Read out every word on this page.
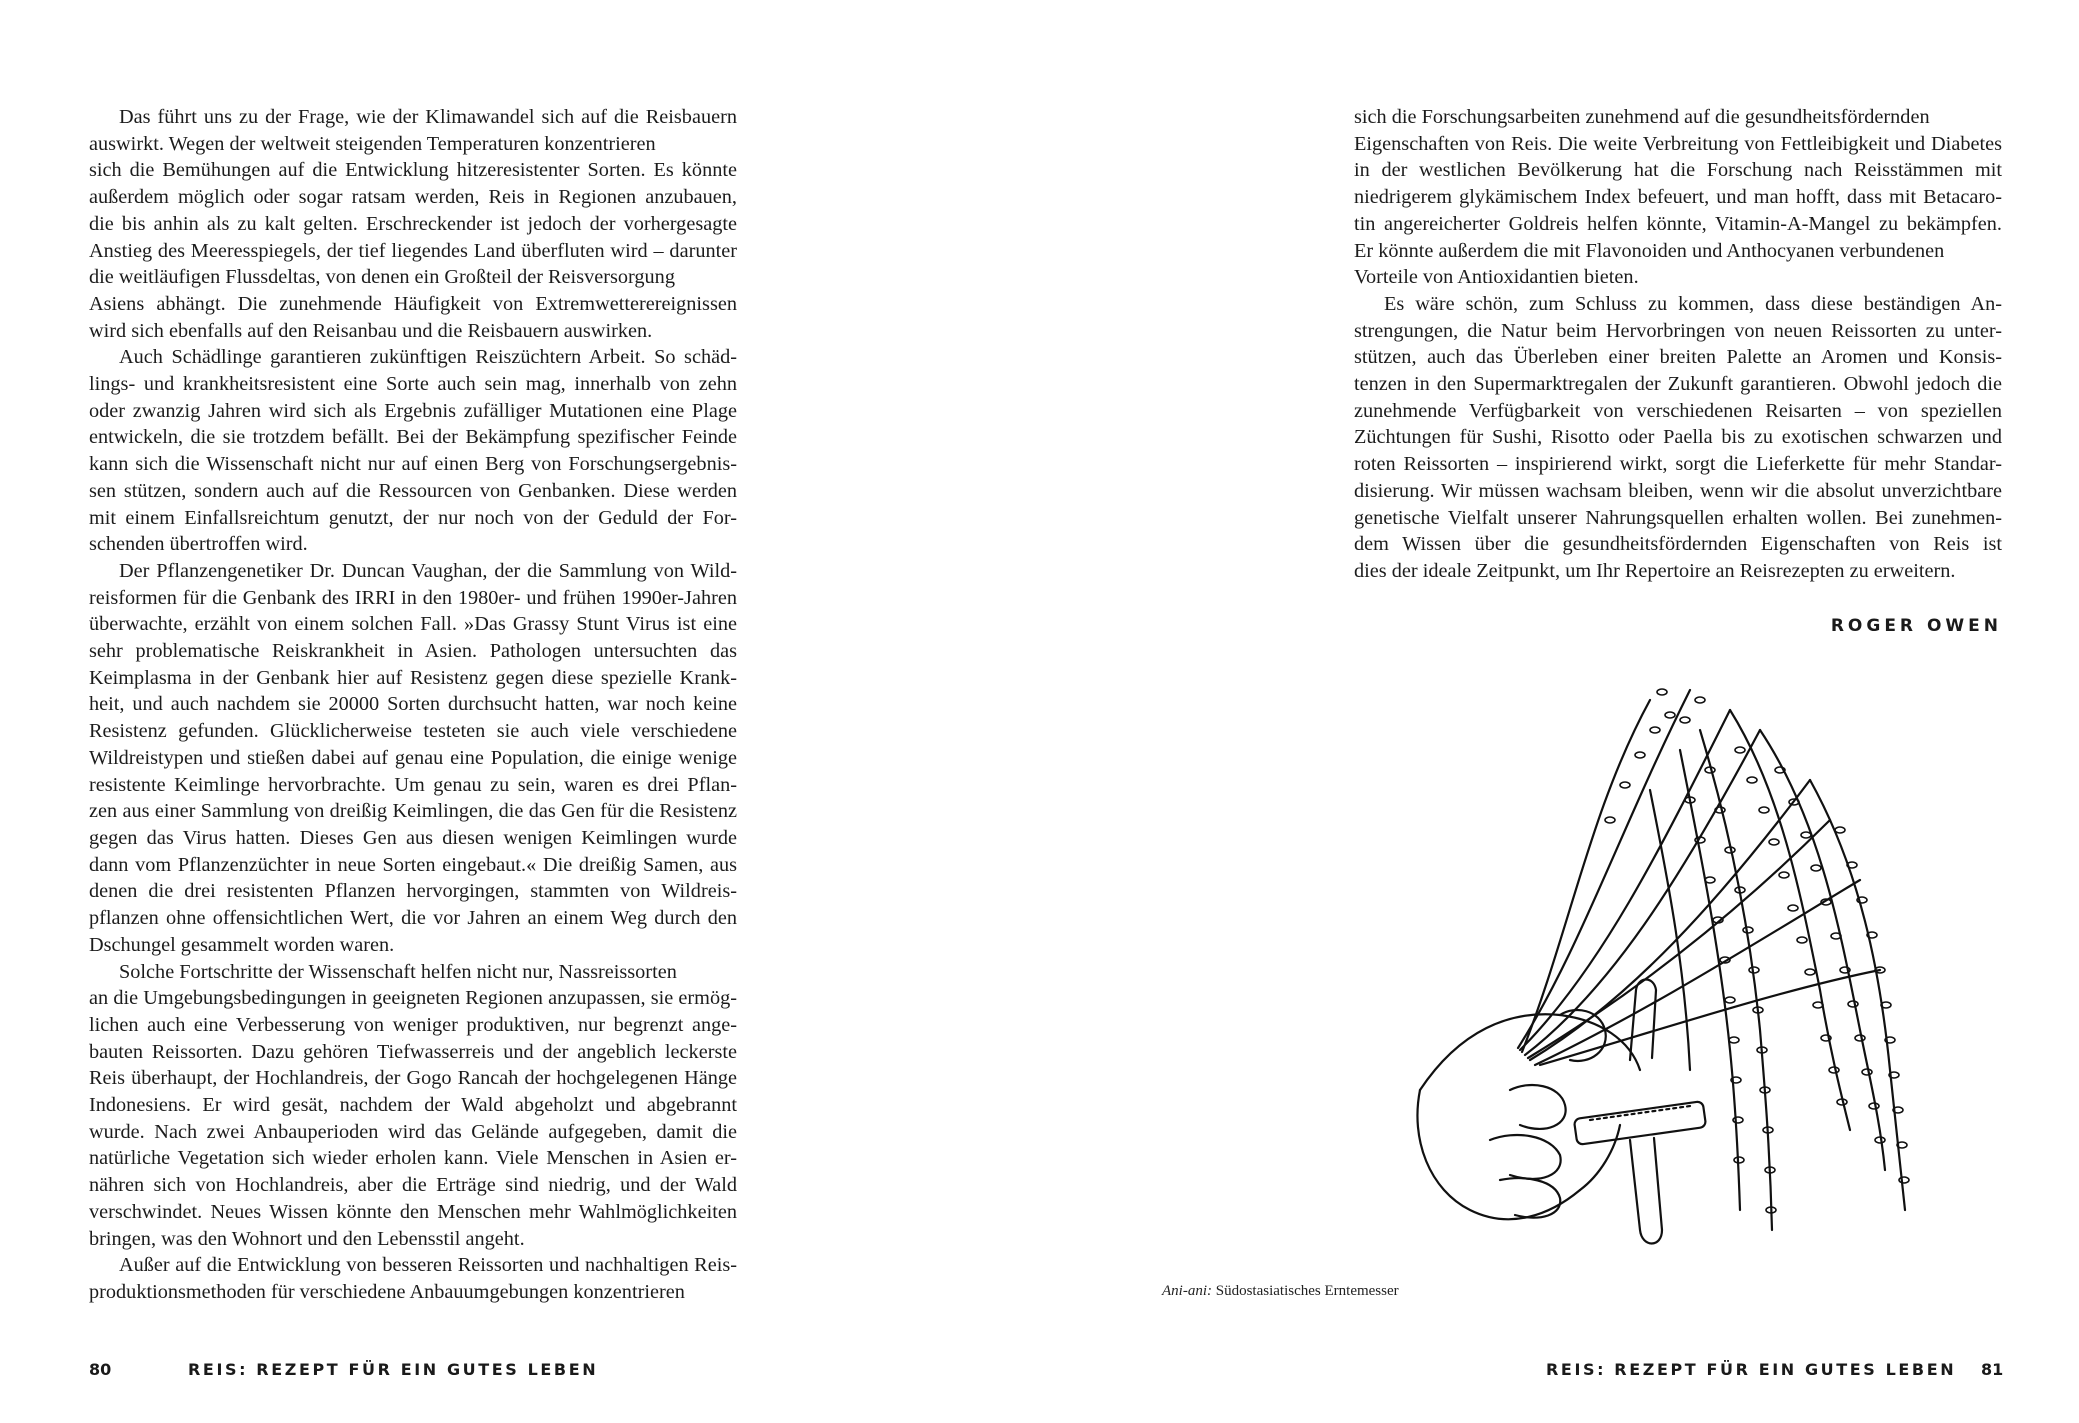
Das führt uns zu der Frage, wie der Klimawandel sich auf die Reisbauern
auswirkt. Wegen der weltweit steigenden Temperaturen konzentrieren
sich die Bemühungen auf die Entwicklung hitzeresistenter Sorten. Es könnte
außerdem möglich oder sogar ratsam werden, Reis in Regionen anzubauen,
die bis anhin als zu kalt gelten. Erschreckender ist jedoch der vorhergesagte
Anstieg des Meeresspiegels, der tief liegendes Land überfluten wird – darunter
die weitläufigen Flussdeltas, von denen ein Großteil der Reisversorgung
Asiens abhängt. Die zunehmende Häufigkeit von Extremwetterereignissen
wird sich ebenfalls auf den Reisanbau und die Reisbauern auswirken.
Auch Schädlinge garantieren zukünftigen Reiszüchtern Arbeit. So schäd-
lings- und krankheitsresistent eine Sorte auch sein mag, innerhalb von zehn
oder zwanzig Jahren wird sich als Ergebnis zufälliger Mutationen eine Plage
entwickeln, die sie trotzdem befällt. Bei der Bekämpfung spezifischer Feinde
kann sich die Wissenschaft nicht nur auf einen Berg von Forschungsergebnis-
sen stützen, sondern auch auf die Ressourcen von Genbanken. Diese werden
mit einem Einfallsreichtum genutzt, der nur noch von der Geduld der For-
schenden übertroffen wird.
Der Pflanzengenetiker Dr. Duncan Vaughan, der die Sammlung von Wild-
reisformen für die Genbank des IRRI in den 1980er- und frühen 1990er-Jahren
überwachte, erzählt von einem solchen Fall. »Das Grassy Stunt Virus ist eine
sehr problematische Reiskrankheit in Asien. Pathologen untersuchten das
Keimplasma in der Genbank hier auf Resistenz gegen diese spezielle Krank-
heit, und auch nachdem sie 20000 Sorten durchsucht hatten, war noch keine
Resistenz gefunden. Glücklicherweise testeten sie auch viele verschiedene
Wildreistypen und stießen dabei auf genau eine Population, die einige wenige
resistente Keimlinge hervorbrachte. Um genau zu sein, waren es drei Pflan-
zen aus einer Sammlung von dreißig Keimlingen, die das Gen für die Resistenz
gegen das Virus hatten. Dieses Gen aus diesen wenigen Keimlingen wurde
dann vom Pflanzenzüchter in neue Sorten eingebaut.« Die dreißig Samen, aus
denen die drei resistenten Pflanzen hervorgingen, stammten von Wildreis-
pflanzen ohne offensichtlichen Wert, die vor Jahren an einem Weg durch den
Dschungel gesammelt worden waren.
Solche Fortschritte der Wissenschaft helfen nicht nur, Nassreissorten
an die Umgebungsbedingungen in geeigneten Regionen anzupassen, sie ermög-
lichen auch eine Verbesserung von weniger produktiven, nur begrenzt ange-
bauten Reissorten. Dazu gehören Tiefwasserreis und der angeblich leckerste
Reis überhaupt, der Hochlandreis, der Gogo Rancah der hochgelegenen Hänge
Indonesiens. Er wird gesät, nachdem der Wald abgeholzt und abgebrannt
wurde. Nach zwei Anbauperioden wird das Gelände aufgegeben, damit die
natürliche Vegetation sich wieder erholen kann. Viele Menschen in Asien er-
nähren sich von Hochlandreis, aber die Erträge sind niedrig, und der Wald
verschwindet. Neues Wissen könnte den Menschen mehr Wahlmöglichkeiten
bringen, was den Wohnort und den Lebensstil angeht.
Außer auf die Entwicklung von besseren Reissorten und nachhaltigen Reis-
produktionsmethoden für verschiedene Anbauumgebungen konzentrieren
sich die Forschungsarbeiten zunehmend auf die gesundheitsfördernden
Eigenschaften von Reis. Die weite Verbreitung von Fettleibigkeit und Diabetes
in der westlichen Bevölkerung hat die Forschung nach Reisstämmen mit
niedrigerem glykämischem Index befeuert, und man hofft, dass mit Betacaro-
tin angereicherter Goldreis helfen könnte, Vitamin-A-Mangel zu bekämpfen.
Er könnte außerdem die mit Flavonoiden und Anthocyanen verbundenen
Vorteile von Antioxidantien bieten.
Es wäre schön, zum Schluss zu kommen, dass diese beständigen An-
strengungen, die Natur beim Hervorbringen von neuen Reissorten zu unter-
stützen, auch das Überleben einer breiten Palette an Aromen und Konsis-
tenzen in den Supermarktregalen der Zukunft garantieren. Obwohl jedoch die
zunehmende Verfügbarkeit von verschiedenen Reisarten – von speziellen
Züchtungen für Sushi, Risotto oder Paella bis zu exotischen schwarzen und
roten Reissorten – inspirierend wirkt, sorgt die Lieferkette für mehr Standar-
disierung. Wir müssen wachsam bleiben, wenn wir die absolut unverzichtbare
genetische Vielfalt unserer Nahrungsquellen erhalten wollen. Bei zunehmen-
dem Wissen über die gesundheitsfördernden Eigenschaften von Reis ist
dies der ideale Zeitpunkt, um Ihr Repertoire an Reisrezepten zu erweitern.
ROGER OWEN
Ani-ani: Südostasiatisches Erntemesser
80	REIS: REZEPT FÜR EIN GUTES LEBEN	REIS: REZEPT FÜR EIN GUTES LEBEN 81
